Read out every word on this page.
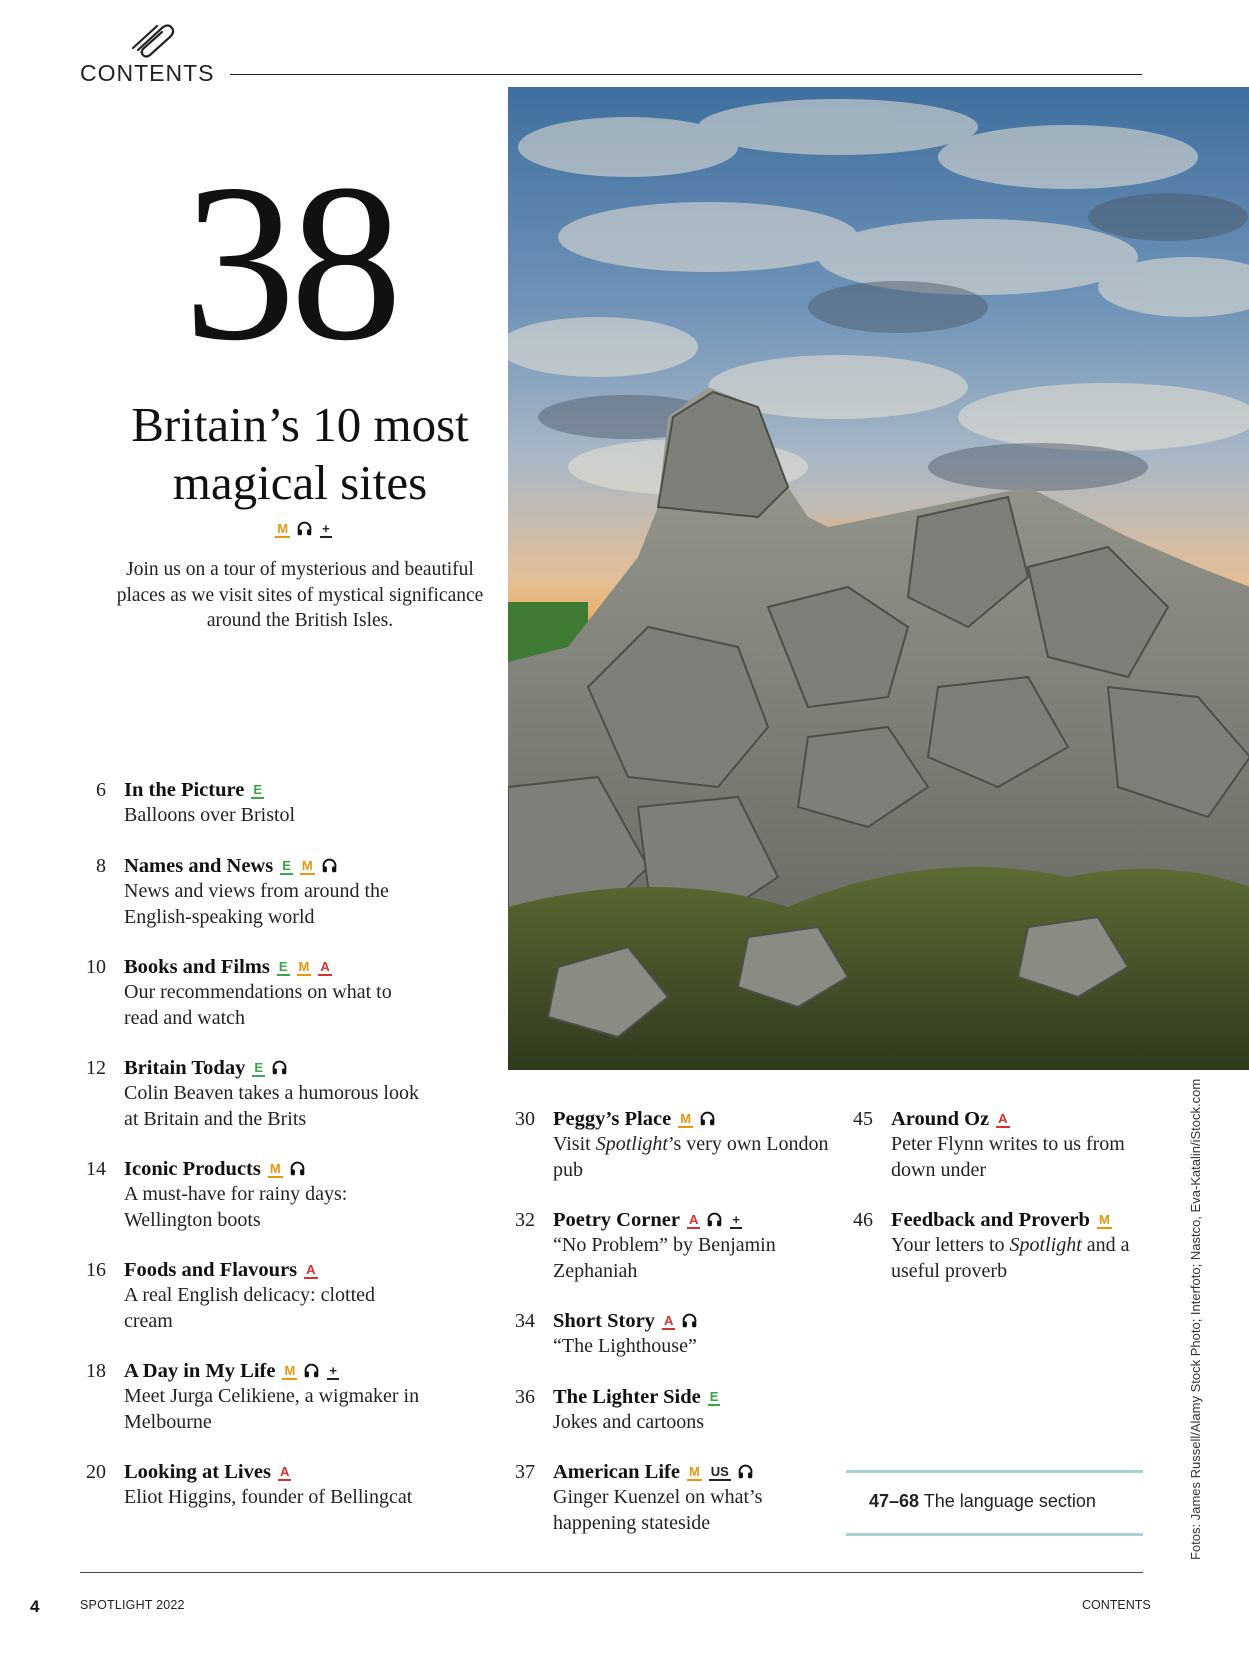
CONTENTS
38
Britain’s 10 most
magical sites
M	+
Join us on a tour of mysterious and beautiful places as we visit sites of mystical significance around the British Isles.
Fotos: James Russell/Alamy Stock Photo; Interfoto; Nastco, Eva-Katalin/iStock.com
6 In the Picture E
Balloons over Bristol
8 Names and News E M
News and views from around the English-speaking world
10 Books and Films E M A
Our recommendations on what to read and watch
12 Britain Today E
Colin Beaven takes a humorous look at Britain and the Brits
14 Iconic Products M
A must-have for rainy days: Wellington boots
16 Foods and Flavours A
A real English delicacy: clotted cream
18 A Day in My Life M	+
Meet Jurga Celikiene, a wigmaker in Melbourne
20 Looking at Lives A
Eliot Higgins, founder of Bellingcat
30 Peggy’s Place M
Visit Spotlight’s very own London pub
32 Poetry Corner A	+
“No Problem” by Benjamin Zephaniah
34 Short Story A
“The Lighthouse”
36 The Lighter Side E
Jokes and cartoons
37 American Life M US
Ginger Kuenzel on what’s happening stateside
45 Around Oz A
Peter Flynn writes to us from down under
46 Feedback and Proverb M
Your letters to Spotlight and a useful proverb
47–68 The language section
4	SPOTLIGHT 2022	CONTENTS
